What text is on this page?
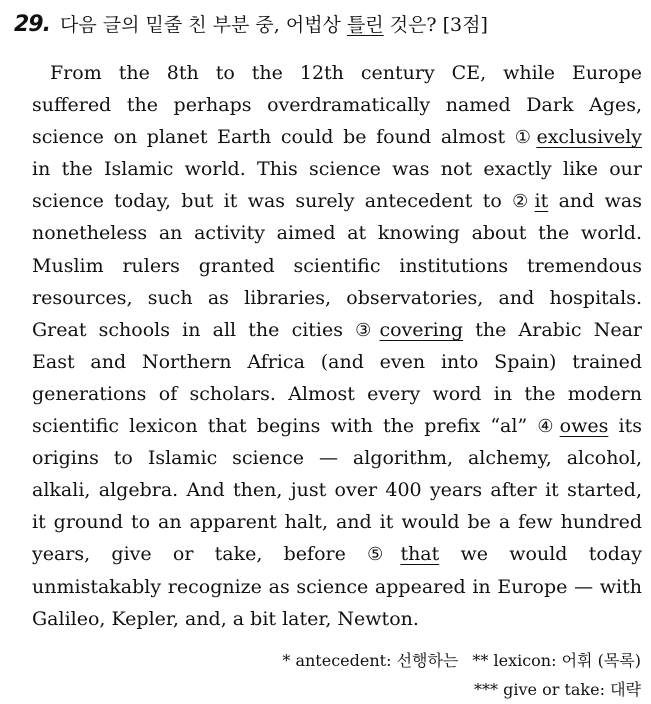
29. 다음 글의 밑줄 친 부분 중, 어법상 틀린 것은? [3점]
From the 8th to the 12th century CE, while Europe
suffered the perhaps overdramatically named Dark Ages,
science on planet Earth could be found almost ① exclusively
in the Islamic world. This science was not exactly like our
science today, but it was surely antecedent to ② it and was
nonetheless an activity aimed at knowing about the world.
Muslim rulers granted scientific institutions tremendous
resources, such as libraries, observatories, and hospitals.
Great schools in all the cities ③ covering the Arabic Near
East and Northern Africa (and even into Spain) trained
generations of scholars. Almost every word in the modern
scientific lexicon that begins with the prefix “al” ④ owes its
origins to Islamic science — algorithm, alchemy, alcohol,
alkali, algebra. And then, just over 400 years after it started,
it ground to an apparent halt, and it would be a few hundred
years, give or take, before ⑤ that we would today
unmistakably recognize as science appeared in Europe — with
Galileo, Kepler, and, a bit later, Newton.
* antecedent: 선행하는 ** lexicon: 어휘 (목록)
*** give or take: 대략
